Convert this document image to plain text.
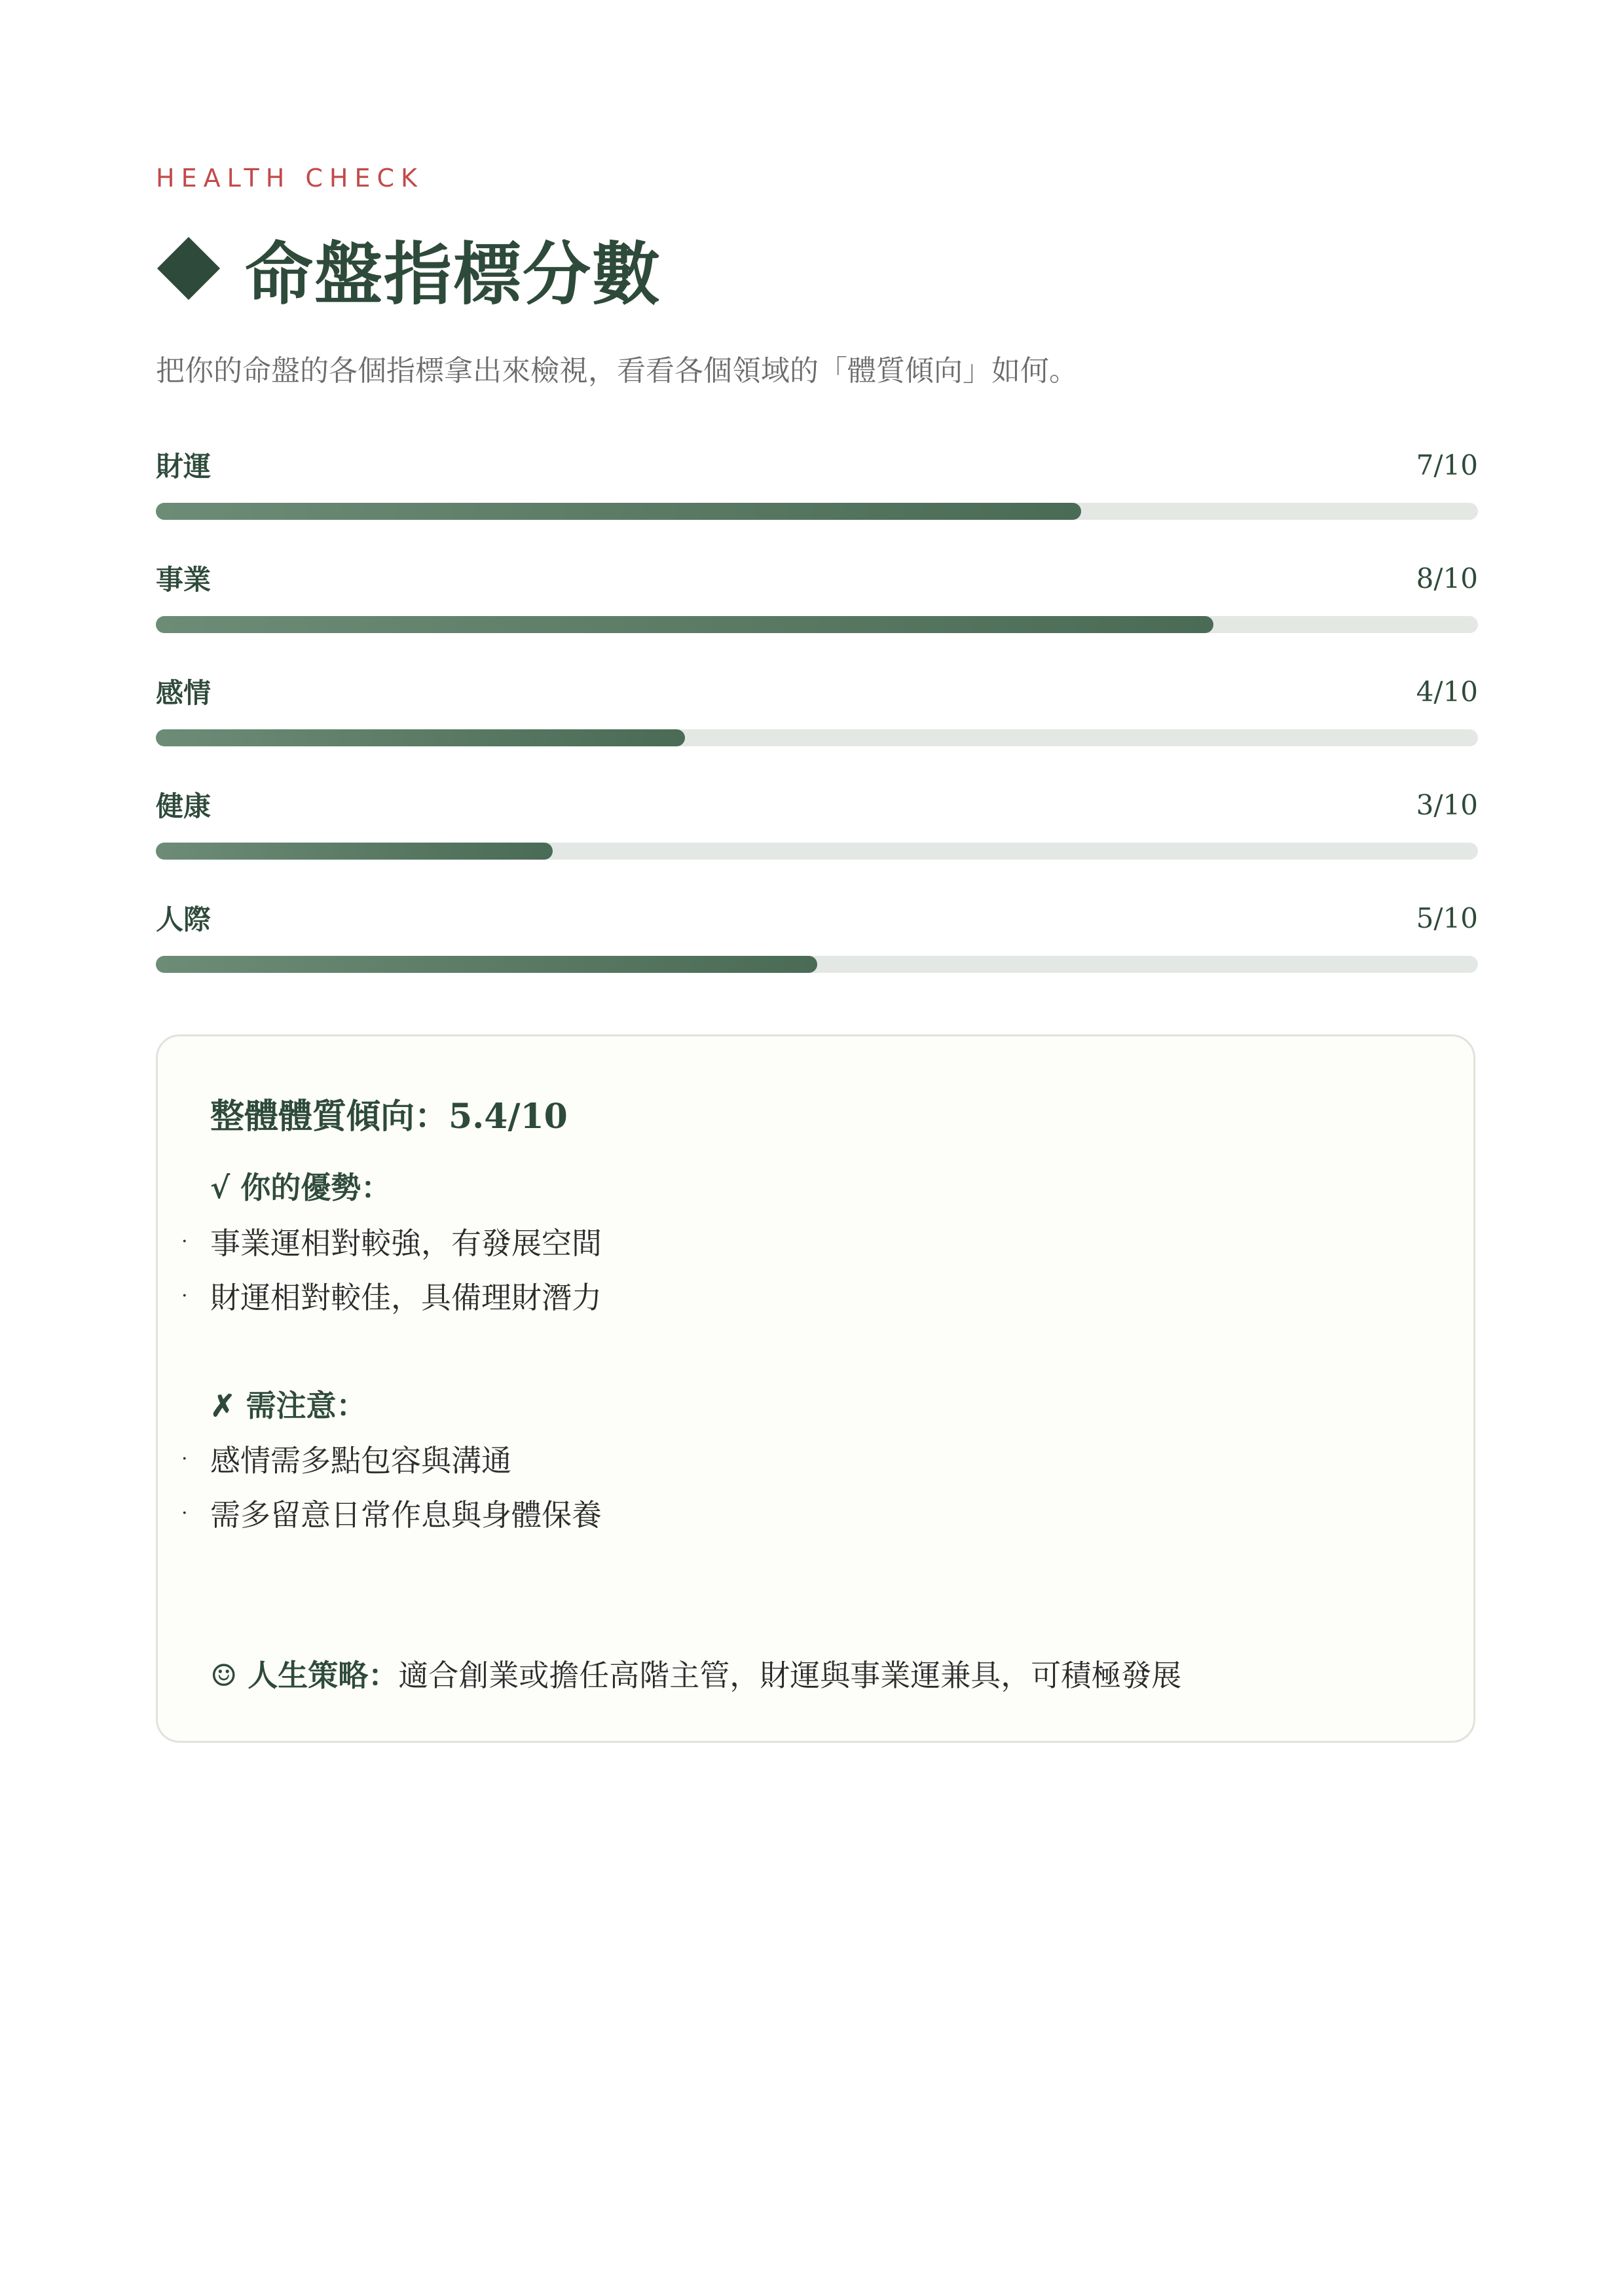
HEALTH CHECK
命盤指標分數
把你的命盤的各個指標拿出來檢視，看看各個領域的「體質傾向」如何。
財運	7/10
事業	8/10
感情	4/10
健康	3/10
人際	5/10
整體體質傾向：5.4/10
√ 你的優勢：
· 事業運相對較強，有發展空間
· 財運相對較佳，具備理財潛力
✗ 需注意：
· 感情需多點包容與溝通
· 需多留意日常作息與身體保養
☺ 人生策略：適合創業或擔任高階主管，財運與事業運兼具，可積極發展
